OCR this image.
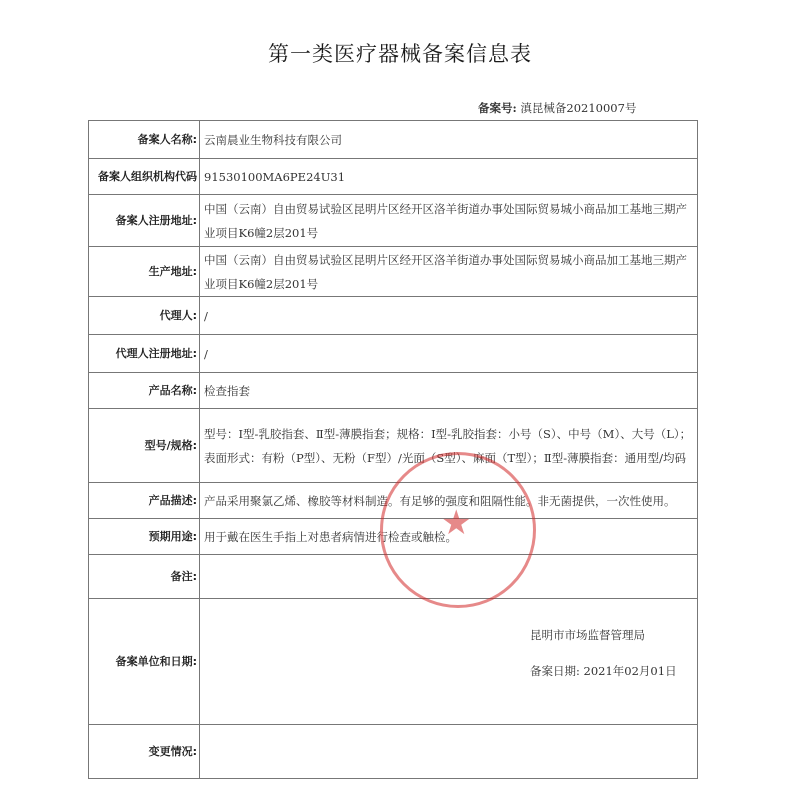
第一类医疗器械备案信息表
备案号: 滇昆械备20210007号
备案人名称:	云南晨业生物科技有限公司
备案人组织机构代码	91530100MA6PE24U31
备案人注册地址:	中国（云南）自由贸易试验区昆明片区经开区洛羊街道办事处国际贸易城小商品加工基地三期产业项目K6幢2层201号
生产地址:	中国（云南）自由贸易试验区昆明片区经开区洛羊街道办事处国际贸易城小商品加工基地三期产业项目K6幢2层201号
代理人:	/
代理人注册地址:	/
产品名称:	检查指套
型号/规格:	型号：Ⅰ型-乳胶指套、Ⅱ型-薄膜指套；规格：Ⅰ型-乳胶指套：小号（S）、中号（M）、大号（L）；表面形式：有粉（P型）、无粉（F型）/光面（S型）、麻面（T型）；Ⅱ型-薄膜指套：通用型/均码
产品描述:	产品采用聚氯乙烯、橡胶等材料制造。有足够的强度和阻隔性能。非无菌提供，一次性使用。
预期用途:	用于戴在医生手指上对患者病情进行检查或触检。
备注:	
备案单位和日期:	昆明市市场监督管理局
备案日期: 2021年02月01日

变更情况:	
★
